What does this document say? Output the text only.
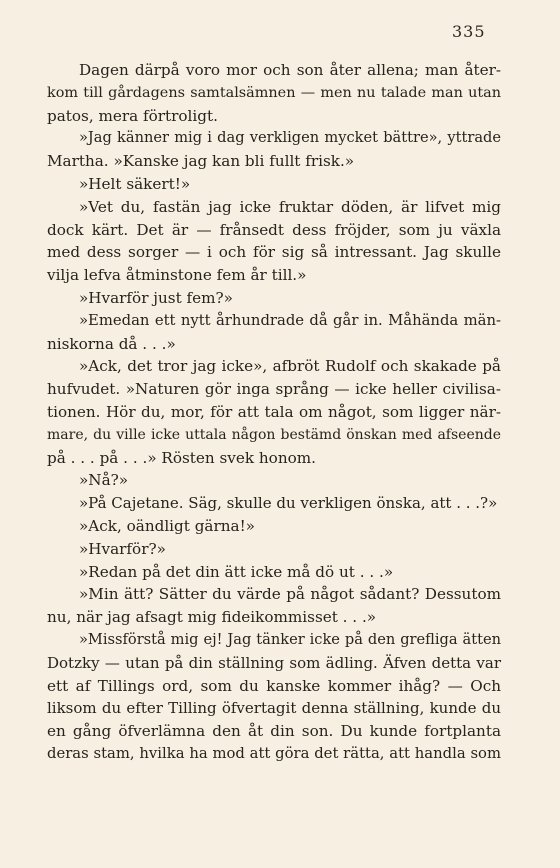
335
Dagen därpå voro mor och son åter allena; man åter-
kom till gårdagens samtalsämnen — men nu talade man utan
patos, mera förtroligt.
»Jag känner mig i dag verkligen mycket bättre», yttrade
Martha. »Kanske jag kan bli fullt frisk.»
»Helt säkert!»
»Vet du, fastän jag icke fruktar döden, är lifvet mig
dock kärt. Det är — frånsedt dess fröjder, som ju växla
med dess sorger — i och för sig så intressant. Jag skulle
vilja lefva åtminstone fem år till.»
»Hvarför just fem?»
»Emedan ett nytt århundrade då går in. Måhända män-
niskorna då . . .»
»Ack, det tror jag icke», afbröt Rudolf och skakade på
hufvudet. »Naturen gör inga språng — icke heller civilisa-
tionen. Hör du, mor, för att tala om något, som ligger när-
mare, du ville icke uttala någon bestämd önskan med afseende
på . . . på . . .» Rösten svek honom.
»Nå?»
»På Cajetane. Säg, skulle du verkligen önska, att . . .?»
»Ack, oändligt gärna!»
»Hvarför?»
»Redan på det din ätt icke må dö ut . . .»
»Min ätt? Sätter du värde på något sådant? Dessutom
nu, när jag afsagt mig fideikommisset . . .»
»Missförstå mig ej! Jag tänker icke på den grefliga ätten
Dotzky — utan på din ställning som ädling. Äfven detta var
ett af Tillings ord, som du kanske kommer ihåg? — Och
liksom du efter Tilling öfvertagit denna ställning, kunde du
en gång öfverlämna den åt din son. Du kunde fortplanta
deras stam, hvilka ha mod att göra det rätta, att handla som
